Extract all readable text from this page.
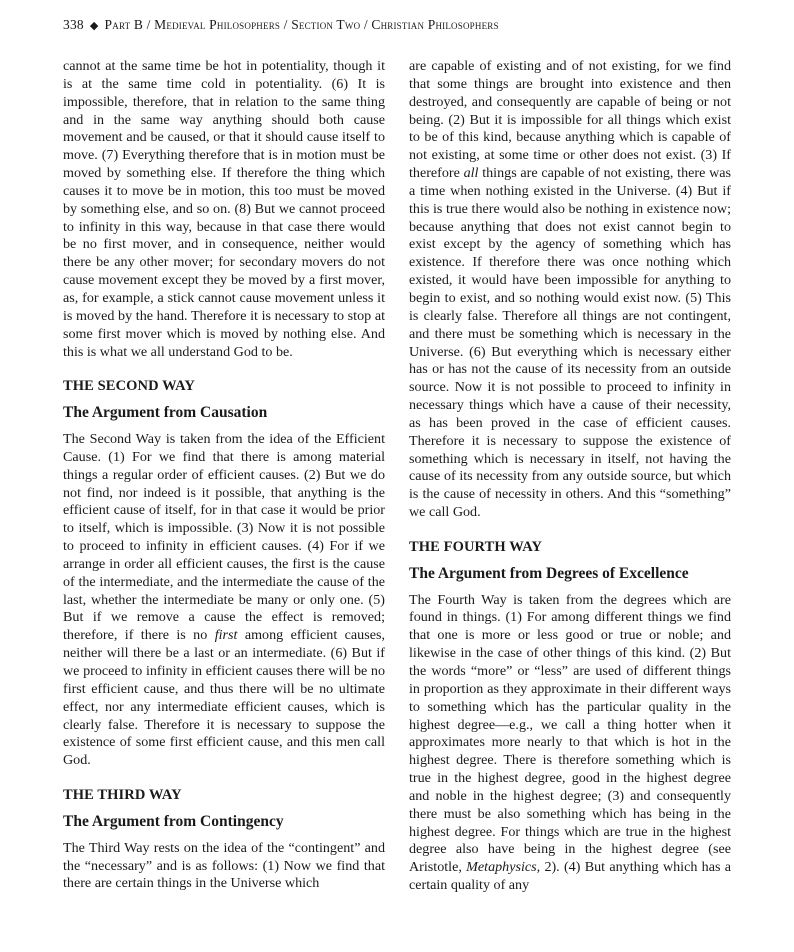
338 ◆ Part B / Medieval Philosophers / Section Two / Christian Philosophers

cannot at the same time be hot in potentiality, though it is at the same time cold in potentiality. (6) It is impossible, therefore, that in relation to the same thing and in the same way anything should both cause movement and be caused, or that it should cause itself to move. (7) Everything therefore that is in motion must be moved by something else. If therefore the thing which causes it to move be in motion, this too must be moved by something else, and so on. (8) But we cannot proceed to infinity in this way, because in that case there would be no first mover, and in consequence, neither would there be any other mover; for secondary movers do not cause movement except they be moved by a first mover, as, for example, a stick cannot cause movement unless it is moved by the hand. Therefore it is necessary to stop at some first mover which is moved by nothing else. And this is what we all understand God to be.

THE SECOND WAY

The Argument from Causation

The Second Way is taken from the idea of the Efficient Cause. (1) For we find that there is among material things a regular order of efficient causes. (2) But we do not find, nor indeed is it possible, that anything is the efficient cause of itself, for in that case it would be prior to itself, which is impossible. (3) Now it is not possible to proceed to infinity in efficient causes. (4) For if we arrange in order all efficient causes, the first is the cause of the intermediate, and the intermediate the cause of the last, whether the intermediate be many or only one. (5) But if we remove a cause the effect is removed; therefore, if there is no first among efficient causes, neither will there be a last or an intermediate. (6) But if we proceed to infinity in efficient causes there will be no first efficient cause, and thus there will be no ultimate effect, nor any intermediate efficient causes, which is clearly false. Therefore it is necessary to suppose the existence of some first efficient cause, and this men call God.

THE THIRD WAY

The Argument from Contingency

The Third Way rests on the idea of the “contingent” and the “necessary” and is as follows: (1) Now we find that there are certain things in the Universe which

are capable of existing and of not existing, for we find that some things are brought into existence and then destroyed, and consequently are capable of being or not being. (2) But it is impossible for all things which exist to be of this kind, because anything which is capable of not existing, at some time or other does not exist. (3) If therefore all things are capable of not existing, there was a time when nothing existed in the Universe. (4) But if this is true there would also be nothing in existence now; because anything that does not exist cannot begin to exist except by the agency of something which has existence. If therefore there was once nothing which existed, it would have been impossible for anything to begin to exist, and so nothing would exist now. (5) This is clearly false. Therefore all things are not contingent, and there must be something which is necessary in the Universe. (6) But everything which is necessary either has or has not the cause of its necessity from an outside source. Now it is not possible to proceed to infinity in necessary things which have a cause of their necessity, as has been proved in the case of efficient causes. Therefore it is necessary to suppose the existence of something which is necessary in itself, not having the cause of its necessity from any outside source, but which is the cause of necessity in others. And this “something” we call God.

THE FOURTH WAY

The Argument from Degrees of Excellence

The Fourth Way is taken from the degrees which are found in things. (1) For among different things we find that one is more or less good or true or noble; and likewise in the case of other things of this kind. (2) But the words “more” or “less” are used of different things in proportion as they approximate in their different ways to something which has the particular quality in the highest degree—e.g., we call a thing hotter when it approximates more nearly to that which is hot in the highest degree. There is therefore something which is true in the highest degree, good in the highest degree and noble in the highest degree; (3) and consequently there must be also something which has being in the highest degree. For things which are true in the highest degree also have being in the highest degree (see Aristotle, Metaphysics, 2). (4) But anything which has a certain quality of any
